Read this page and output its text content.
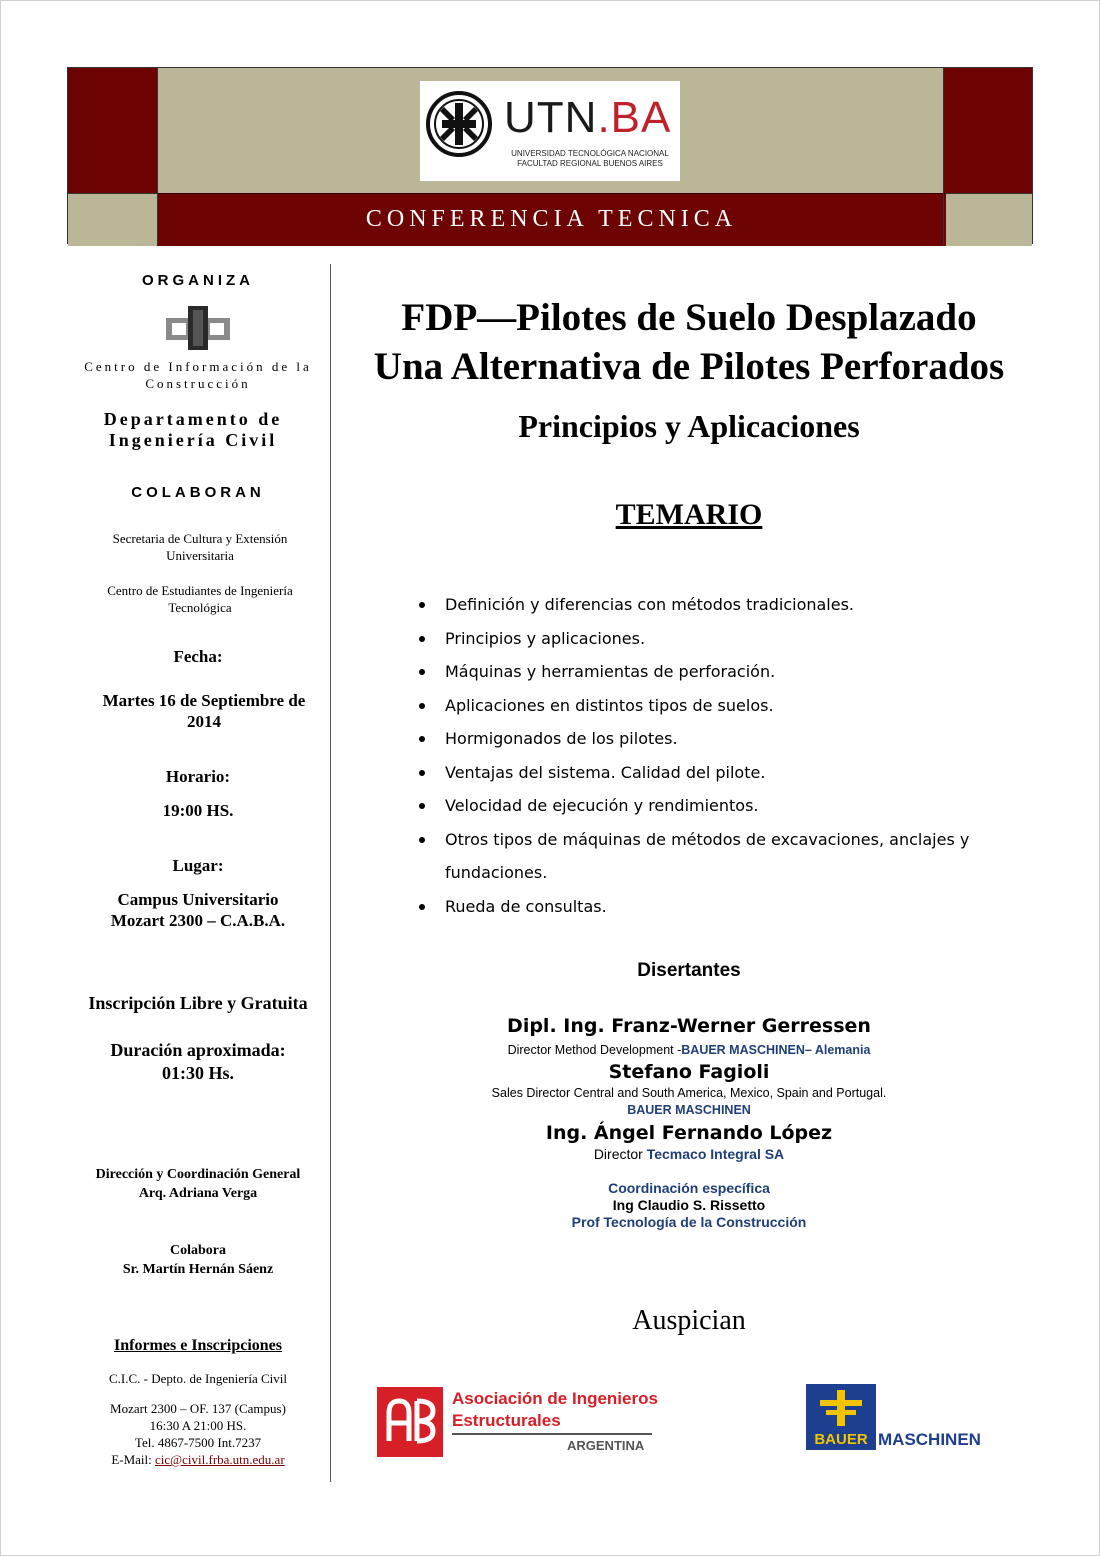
UTN.BA
UNIVERSIDAD TECNOLÓGICA NACIONAL
FACULTAD REGIONAL BUENOS AIRES
CONFERENCIA TECNICA
ORGANIZA
Centro de Información de la Construcción
Departamento de Ingeniería Civil
COLABORAN
Secretaria de Cultura y Extensión Universitaria
Centro de Estudiantes de Ingeniería Tecnológica
Fecha:
Martes 16 de Septiembre de 2014
Horario:
19:00 HS.
Lugar:
Campus Universitario
Mozart 2300 – C.A.B.A.
Inscripción Libre y Gratuita
Duración aproximada:
01:30 Hs.
Dirección y Coordinación General
Arq. Adriana Verga
Colabora
Sr. Martín Hernán Sáenz
Informes e Inscripciones
C.I.C. - Depto. de Ingeniería Civil
Mozart 2300 – OF. 137 (Campus)
16:30 A 21:00 HS.
Tel. 4867-7500 Int.7237
E-Mail: cic@civil.frba.utn.edu.ar
FDP—Pilotes de Suelo Desplazado
Una Alternativa de Pilotes Perforados
Principios y Aplicaciones
TEMARIO
Definición y diferencias con métodos tradicionales.
Principios y aplicaciones.
Máquinas y herramientas de perforación.
Aplicaciones en distintos tipos de suelos.
Hormigonados de los pilotes.
Ventajas del sistema. Calidad del pilote.
Velocidad de ejecución y rendimientos.
Otros tipos de máquinas de métodos de excavaciones, anclajes y fundaciones.
Rueda de consultas.
Disertantes
Dipl. Ing. Franz-Werner Gerressen
Director Method Development -BAUER MASCHINEN– Alemania
Stefano Fagioli
Sales Director Central and South America, Mexico, Spain and Portugal.
BAUER MASCHINEN
Ing. Ángel Fernando López
Director Tecmaco Integral SA
Coordinación específica
Ing Claudio S. Rissetto
Prof Tecnología de la Construcción
Auspician
Asociación de Ingenieros
Estructurales
ARGENTINA	BAUER MASCHINEN
